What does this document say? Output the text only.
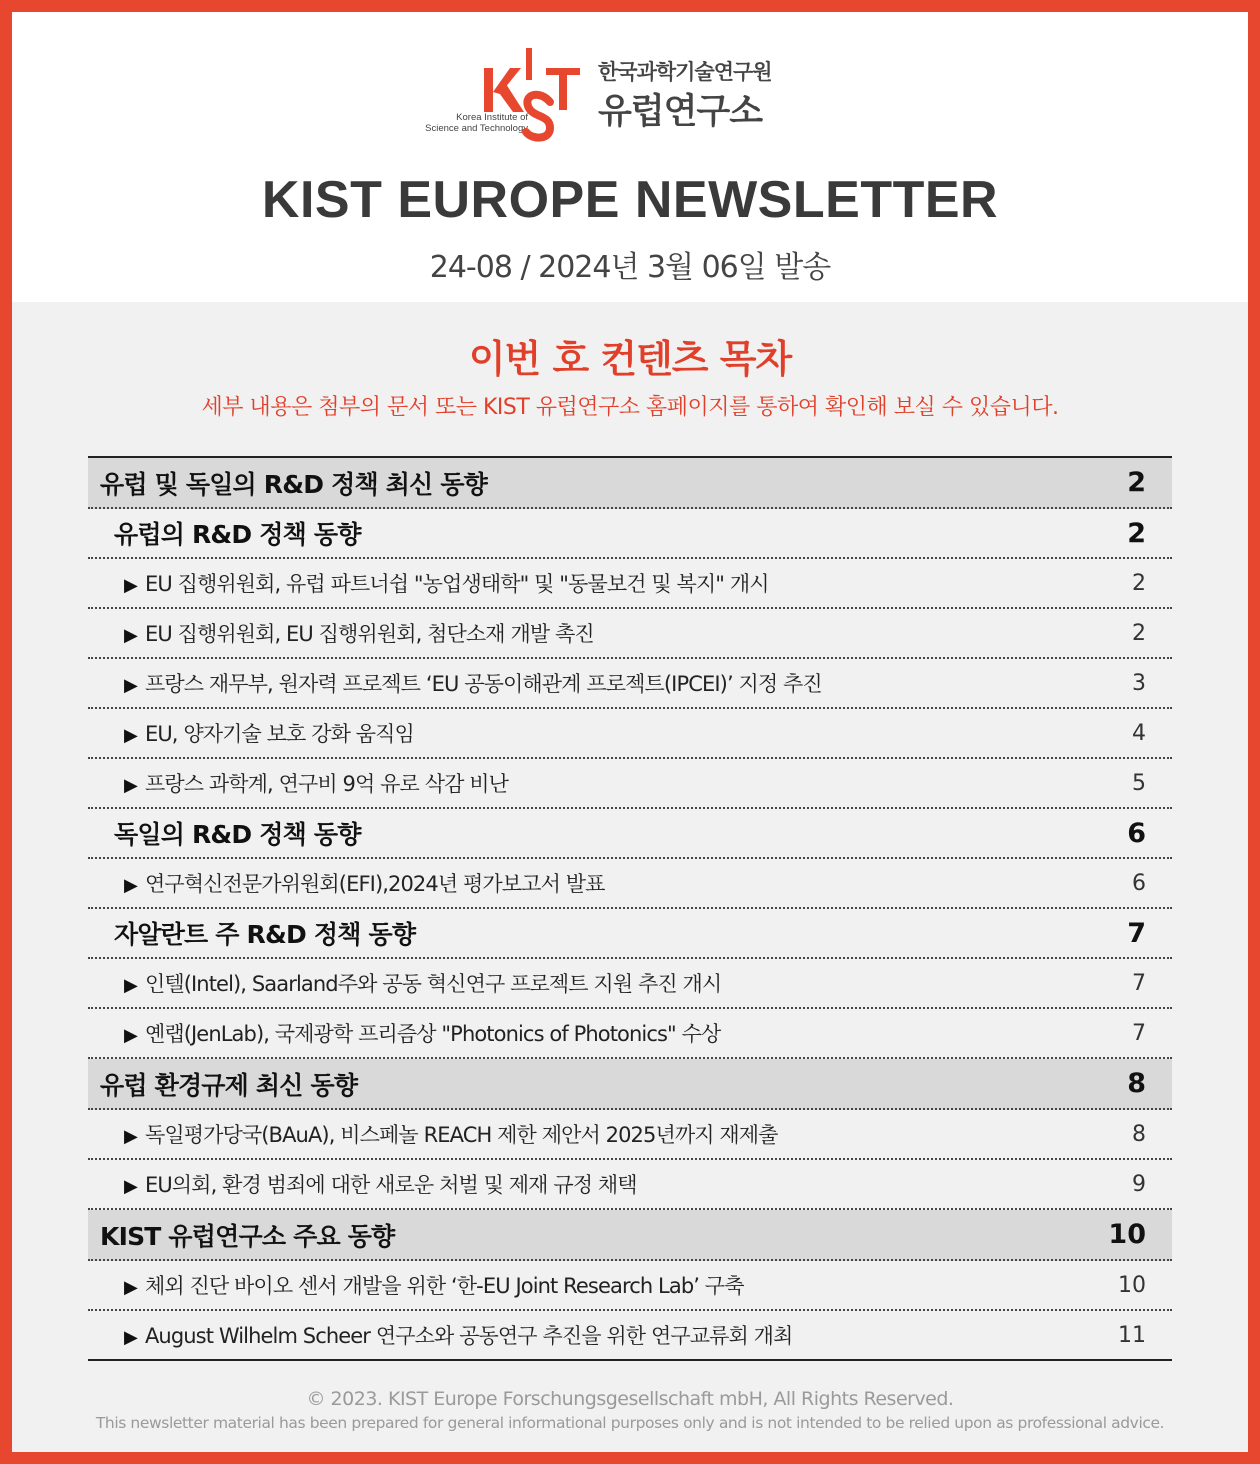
Korea Institute of
Science and Technology
한국과학기술연구원
유럽연구소
KIST EUROPE NEWSLETTER
24-08 / 2024년 3월 06일 발송
이번 호 컨텐츠 목차
세부 내용은 첨부의 문서 또는 KIST 유럽연구소 홈페이지를 통하여 확인해 보실 수 있습니다.
유럽 및 독일의 R&D 정책 최신 동향	2
유럽의 R&D 정책 동향	2
▶ EU 집행위원회, 유럽 파트너쉽 "농업생태학" 및 "동물보건 및 복지" 개시	2
▶ EU 집행위원회, EU 집행위원회, 첨단소재 개발 촉진	2
▶ 프랑스 재무부, 원자력 프로젝트 ‘EU 공동이해관계 프로젝트(IPCEI)’ 지정 추진	3
▶ EU, 양자기술 보호 강화 움직임	4
▶ 프랑스 과학계, 연구비 9억 유로 삭감 비난	5
독일의 R&D 정책 동향	6
▶ 연구혁신전문가위원회(EFI),2024년 평가보고서 발표	6
자알란트 주 R&D 정책 동향	7
▶ 인텔(Intel), Saarland주와 공동 혁신연구 프로젝트 지원 추진 개시	7
▶ 옌랩(JenLab), 국제광학 프리즘상 "Photonics of Photonics" 수상	7
유럽 환경규제 최신 동향	8
▶ 독일평가당국(BAuA), 비스페놀 REACH 제한 제안서 2025년까지 재제출	8
▶ EU의회, 환경 범죄에 대한 새로운 처벌 및 제재 규정 채택	9
KIST 유럽연구소 주요 동향	10
▶ 체외 진단 바이오 센서 개발을 위한 ‘한-EU Joint Research Lab’ 구축	10
▶ August Wilhelm Scheer 연구소와 공동연구 추진을 위한 연구교류회 개최	11
© 2023. KIST Europe Forschungsgesellschaft mbH, All Rights Reserved.
This newsletter material has been prepared for general informational purposes only and is not intended to be relied upon as professional advice.
